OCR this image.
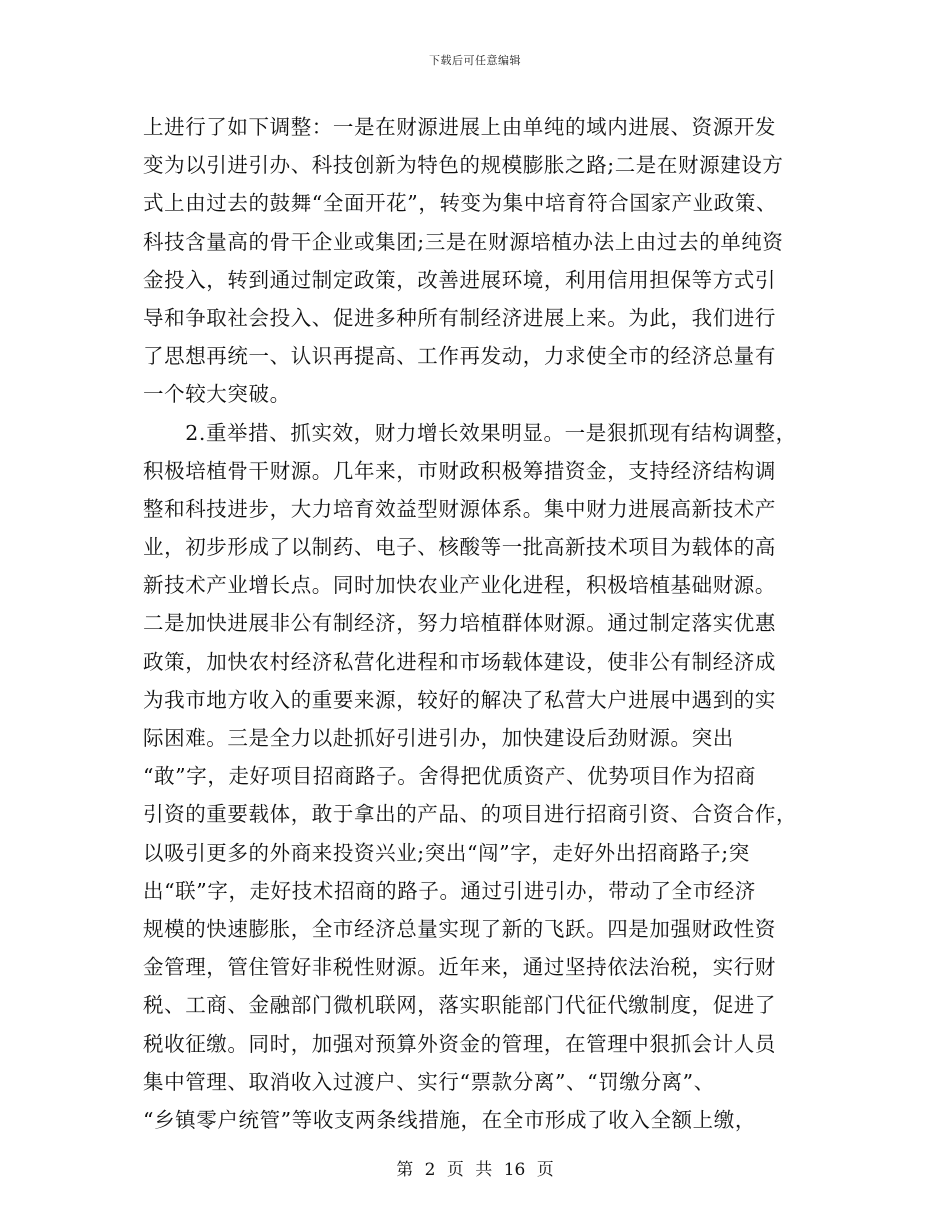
下载后可任意编辑
上进行了如下调整：一是在财源进展上由单纯的域内进展、资源开发
变为以引进引办、科技创新为特色的规模膨胀之路;二是在财源建设方
式上由过去的鼓舞“全面开花”，转变为集中培育符合国家产业政策、
科技含量高的骨干企业或集团;三是在财源培植办法上由过去的单纯资
金投入，转到通过制定政策，改善进展环境，利用信用担保等方式引
导和争取社会投入、促进多种所有制经济进展上来。为此，我们进行
了思想再统一、认识再提高、工作再发动，力求使全市的经济总量有
一个较大突破。
　　2.重举措、抓实效，财力增长效果明显。一是狠抓现有结构调整，
积极培植骨干财源。几年来，市财政积极筹措资金，支持经济结构调
整和科技进步，大力培育效益型财源体系。集中财力进展高新技术产
业，初步形成了以制药、电子、核酸等一批高新技术项目为载体的高
新技术产业增长点。同时加快农业产业化进程，积极培植基础财源。
二是加快进展非公有制经济，努力培植群体财源。通过制定落实优惠
政策，加快农村经济私营化进程和市场载体建设，使非公有制经济成
为我市地方收入的重要来源，较好的解决了私营大户进展中遇到的实
际困难。三是全力以赴抓好引进引办，加快建设后劲财源。突出
“敢”字，走好项目招商路子。舍得把优质资产、优势项目作为招商
引资的重要载体，敢于拿出的产品、的项目进行招商引资、合资合作，
以吸引更多的外商来投资兴业;突出“闯”字，走好外出招商路子;突
出“联”字，走好技术招商的路子。通过引进引办，带动了全市经济
规模的快速膨胀，全市经济总量实现了新的飞跃。四是加强财政性资
金管理，管住管好非税性财源。近年来，通过坚持依法治税，实行财
税、工商、金融部门微机联网，落实职能部门代征代缴制度，促进了
税收征缴。同时，加强对预算外资金的管理，在管理中狠抓会计人员
集中管理、取消收入过渡户、实行“票款分离”、“罚缴分离”、
“乡镇零户统管”等收支两条线措施，在全市形成了收入全额上缴，
第 2 页 共 16 页
